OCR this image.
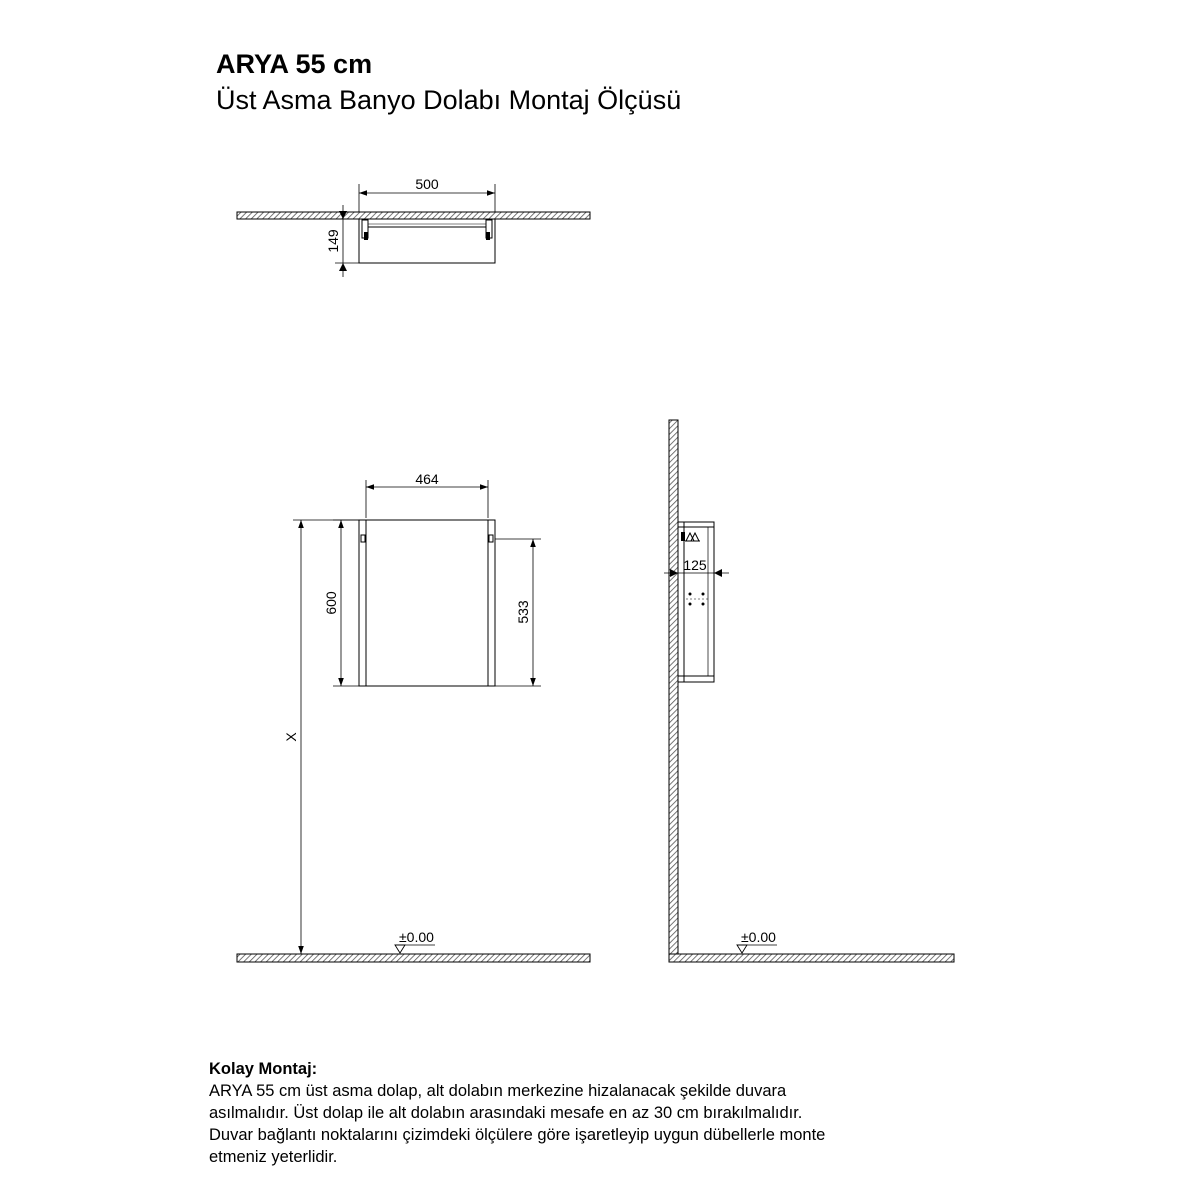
500
149
464
600	533
X
±0.00
125
±0.00
ARYA 55 cm
Üst Asma Banyo Dolabı Montaj Ölçüsü
Kolay Montaj:
ARYA 55 cm üst asma dolap, alt dolabın merkezine hizalanacak şekilde duvara
asılmalıdır. Üst dolap ile alt dolabın arasındaki mesafe en az 30 cm bırakılmalıdır.
Duvar bağlantı noktalarını çizimdeki ölçülere göre işaretleyip uygun dübellerle monte
etmeniz yeterlidir.
